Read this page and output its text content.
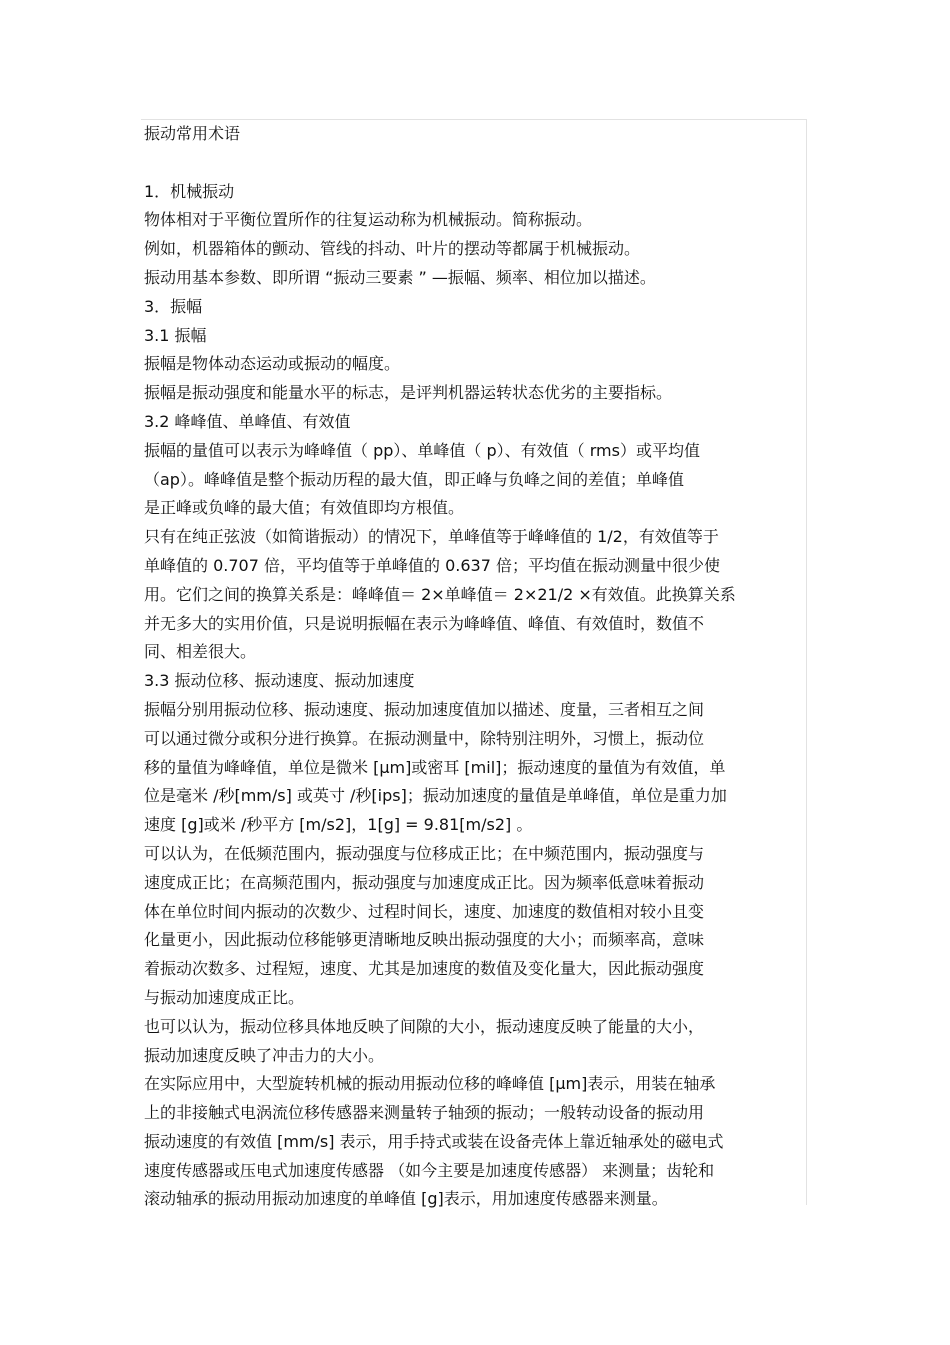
振动常用术语
1．机械振动
物体相对于平衡位置所作的往复运动称为机械振动。简称振动。
例如，机器箱体的颤动、管线的抖动、叶片的摆动等都属于机械振动。
振动用基本参数、即所谓 “振动三要素 ” —振幅、频率、相位加以描述。
3．振幅
3.1 振幅
振幅是物体动态运动或振动的幅度。
振幅是振动强度和能量水平的标志，是评判机器运转状态优劣的主要指标。
3.2 峰峰值、单峰值、有效值
振幅的量值可以表示为峰峰值（ pp）、单峰值（ p）、有效值（ rms）或平均值
（ap）。峰峰值是整个振动历程的最大值，即正峰与负峰之间的差值；单峰值
是正峰或负峰的最大值；有效值即均方根值。
只有在纯正弦波（如简谐振动）的情况下，单峰值等于峰峰值的 1/2，有效值等于
单峰值的 0.707 倍，平均值等于单峰值的 0.637 倍；平均值在振动测量中很少使
用。它们之间的换算关系是：峰峰值＝ 2×单峰值＝ 2×21/2 ×有效值。此换算关系
并无多大的实用价值，只是说明振幅在表示为峰峰值、峰值、有效值时，数值不
同、相差很大。
3.3 振动位移、振动速度、振动加速度
振幅分别用振动位移、振动速度、振动加速度值加以描述、度量，三者相互之间
可以通过微分或积分进行换算。在振动测量中，除特别注明外，习惯上，振动位
移的量值为峰峰值，单位是微米 [μm]或密耳 [mil]；振动速度的量值为有效值，单
位是毫米 /秒[mm/s] 或英寸 /秒[ips]；振动加速度的量值是单峰值，单位是重力加
速度 [g]或米 /秒平方 [m/s2]，1[g] = 9.81[m/s2] 。
可以认为，在低频范围内，振动强度与位移成正比；在中频范围内，振动强度与
速度成正比；在高频范围内，振动强度与加速度成正比。因为频率低意味着振动
体在单位时间内振动的次数少、过程时间长，速度、加速度的数值相对较小且变
化量更小，因此振动位移能够更清晰地反映出振动强度的大小；而频率高，意味
着振动次数多、过程短，速度、尤其是加速度的数值及变化量大，因此振动强度
与振动加速度成正比。
也可以认为，振动位移具体地反映了间隙的大小，振动速度反映了能量的大小，
振动加速度反映了冲击力的大小。
在实际应用中，大型旋转机械的振动用振动位移的峰峰值 [μm]表示，用装在轴承
上的非接触式电涡流位移传感器来测量转子轴颈的振动；一般转动设备的振动用
振动速度的有效值 [mm/s] 表示，用手持式或装在设备壳体上靠近轴承处的磁电式
速度传感器或压电式加速度传感器 （如今主要是加速度传感器） 来测量；齿轮和
滚动轴承的振动用振动加速度的单峰值 [g]表示，用加速度传感器来测量。
